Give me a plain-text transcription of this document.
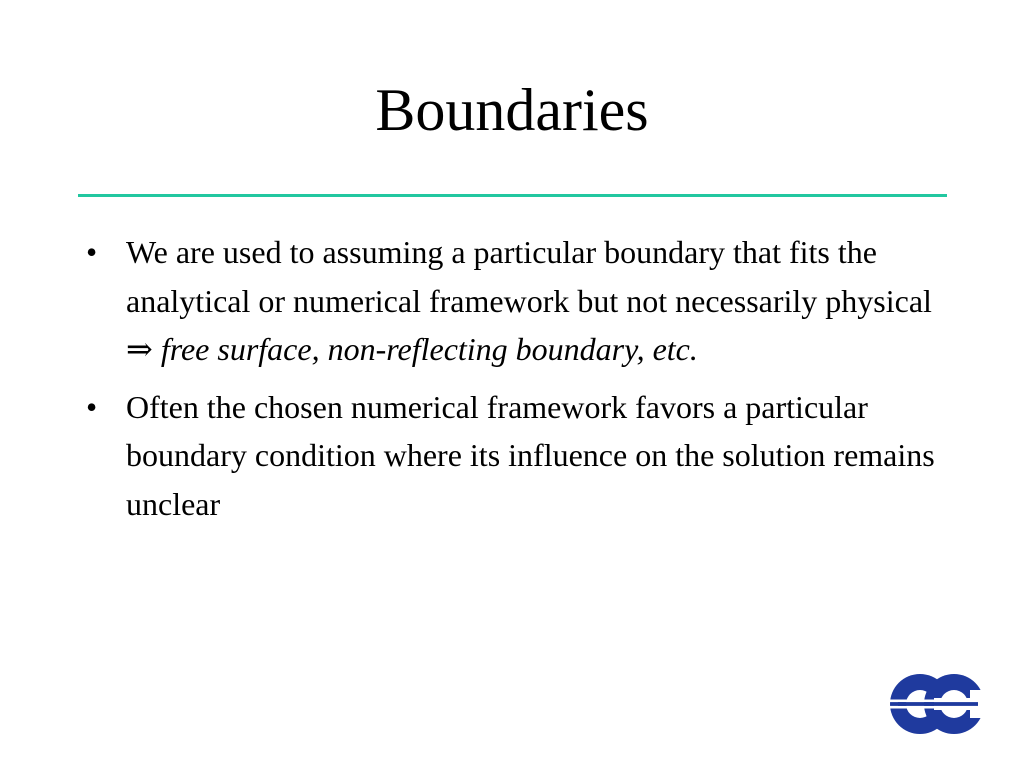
Boundaries
• We are used to assuming a particular boundary that fits the analytical or numerical framework but not necessarily physical ⇒ free surface, non-reflecting boundary, etc.
• Often the chosen numerical framework favors a particular boundary condition where its influence on the solution remains unclear
